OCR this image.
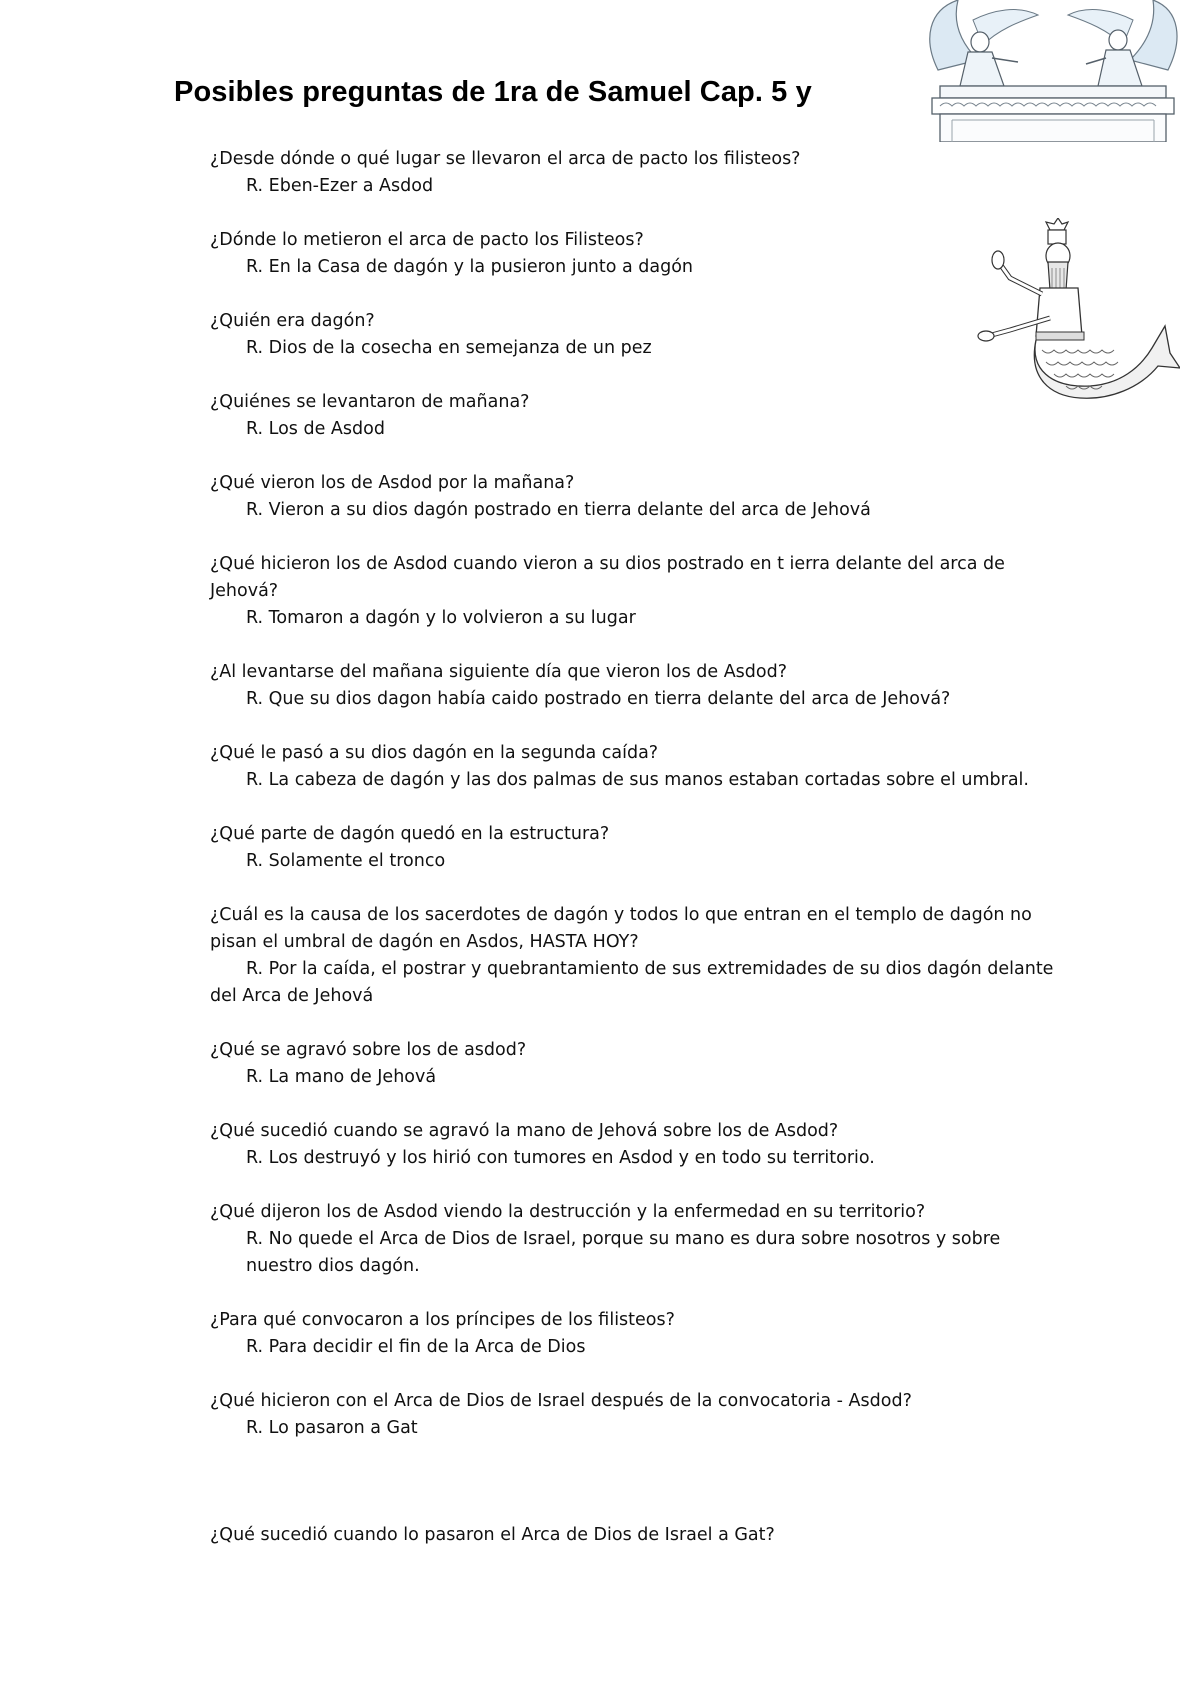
Posibles preguntas de 1ra de Samuel Cap. 5 y

¿Desde dónde o qué lugar se llevaron el arca de pacto los filisteos?

R. Eben-Ezer a Asdod

¿Dónde lo metieron el arca de pacto los Filisteos?

R. En la Casa de dagón y la pusieron junto a dagón

¿Quién era dagón?

R. Dios de la cosecha en semejanza de un pez

¿Quiénes se levantaron de mañana?

R. Los de Asdod

¿Qué vieron los de Asdod por la mañana?

R. Vieron a su dios dagón postrado en tierra delante del arca de Jehová

¿Qué hicieron los de Asdod cuando vieron a su dios postrado en t ierra delante del arca de Jehová?

R. Tomaron a dagón y lo volvieron a su lugar

¿Al levantarse del mañana siguiente día que vieron los de Asdod?

R. Que su dios dagon había caido postrado en tierra delante del arca de Jehová?

¿Qué le pasó a su dios dagón en la segunda caída?

R. La cabeza de dagón y las dos palmas de sus manos estaban cortadas sobre el umbral.

¿Qué parte de dagón quedó en la estructura?

R. Solamente el tronco

¿Cuál es la causa de los sacerdotes de dagón y todos lo que entran en el templo de dagón no pisan el umbral de dagón en Asdos, HASTA HOY?

R. Por la caída, el postrar y quebrantamiento de sus extremidades de su dios dagón delante del Arca de Jehová

¿Qué se agravó sobre los de asdod?

R. La mano de Jehová

¿Qué sucedió cuando se agravó la mano de Jehová sobre los de Asdod?

R. Los destruyó y los hirió con tumores en Asdod y en todo su territorio.

¿Qué dijeron los de Asdod viendo la destrucción y la enfermedad en su territorio?

R. No quede el Arca de Dios de Israel, porque su mano es dura sobre nosotros y sobre nuestro dios dagón.

¿Para qué convocaron a los príncipes de los filisteos?

R. Para decidir el fin de la Arca de Dios

¿Qué hicieron con el Arca de Dios de Israel después de la convocatoria - Asdod?

R. Lo pasaron a Gat

¿Qué sucedió cuando lo pasaron el Arca de Dios de Israel a Gat?
